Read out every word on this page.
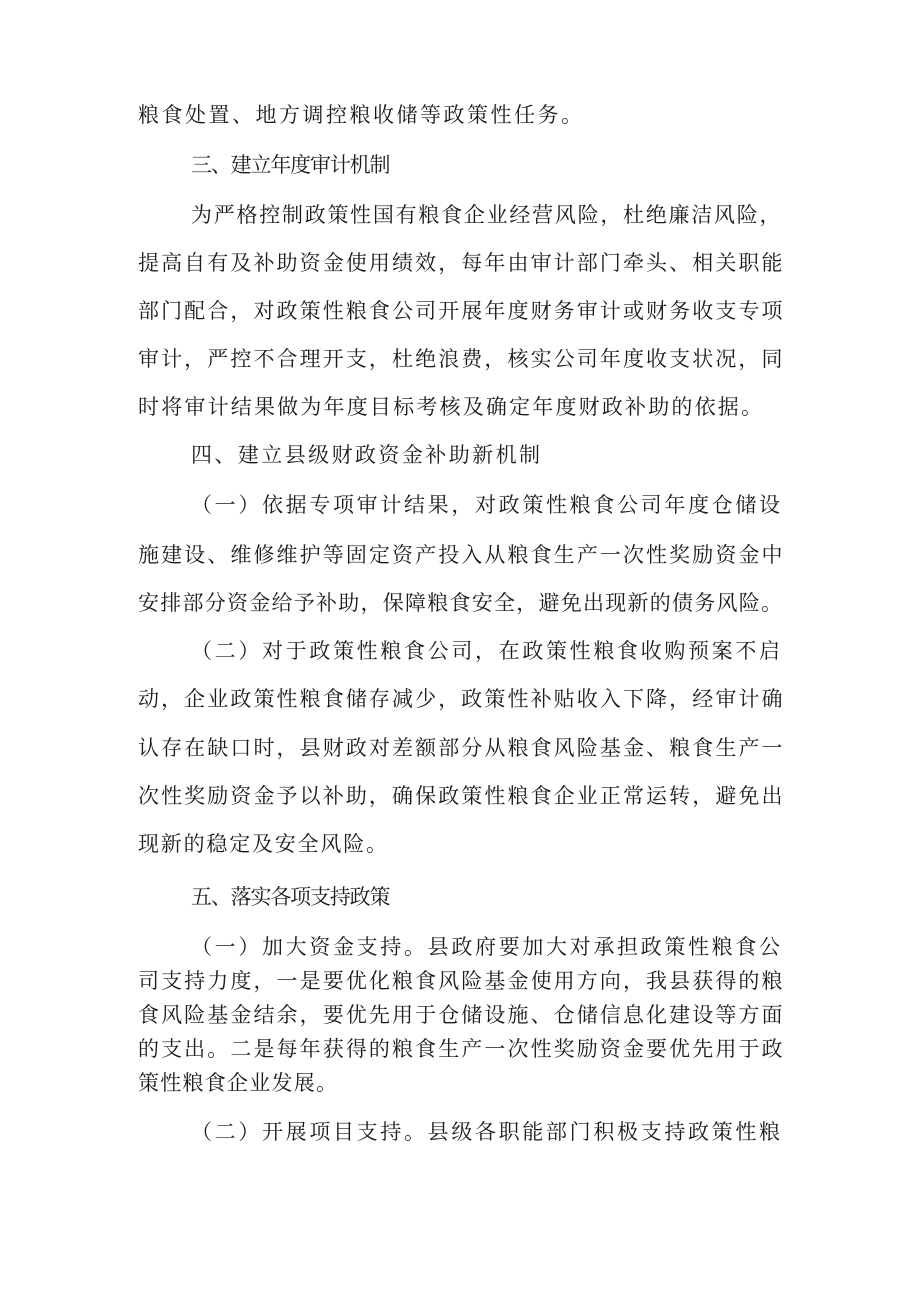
粮食处置、地方调控粮收储等政策性任务。
三、建立年度审计机制
为严格控制政策性国有粮食企业经营风险，杜绝廉洁风险，
提高自有及补助资金使用绩效，每年由审计部门牵头、相关职能
部门配合，对政策性粮食公司开展年度财务审计或财务收支专项
审计，严控不合理开支，杜绝浪费，核实公司年度收支状况，同
时将审计结果做为年度目标考核及确定年度财政补助的依据。
四、建立县级财政资金补助新机制
（一）依据专项审计结果，对政策性粮食公司年度仓储设
施建设、维修维护等固定资产投入从粮食生产一次性奖励资金中
安排部分资金给予补助，保障粮食安全，避免出现新的债务风险。
（二）对于政策性粮食公司，在政策性粮食收购预案不启
动，企业政策性粮食储存减少，政策性补贴收入下降，经审计确
认存在缺口时，县财政对差额部分从粮食风险基金、粮食生产一
次性奖励资金予以补助，确保政策性粮食企业正常运转，避免出
现新的稳定及安全风险。
五、落实各项支持政策
（一）加大资金支持。县政府要加大对承担政策性粮食公
司支持力度，一是要优化粮食风险基金使用方向，我县获得的粮
食风险基金结余，要优先用于仓储设施、仓储信息化建设等方面
的支出。二是每年获得的粮食生产一次性奖励资金要优先用于政
策性粮食企业发展。
（二）开展项目支持。县级各职能部门积极支持政策性粮
